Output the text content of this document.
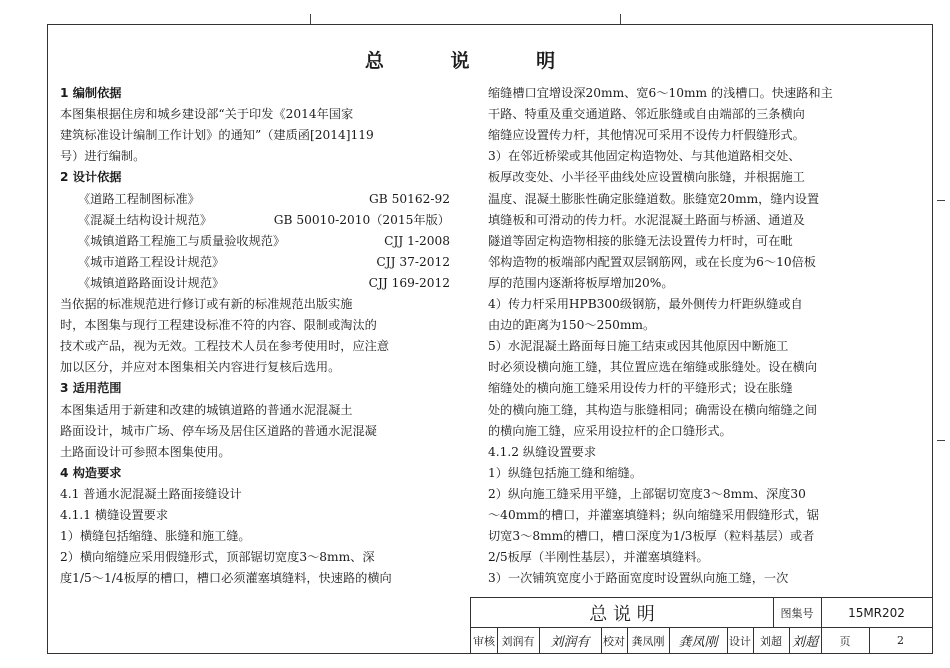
总 说 明
1 编制依据
本图集根据住房和城乡建设部“关于印发《2014年国家
建筑标准设计编制工作计划》的通知”（建质函[2014]119
号）进行编制。
2 设计依据
《道路工程制图标准》	GB 50162-92
《混凝土结构设计规范》	GB 50010-2010（2015年版）
《城镇道路工程施工与质量验收规范》	CJJ 1-2008
《城市道路工程设计规范》	CJJ 37-2012
《城镇道路路面设计规范》	CJJ 169-2012
当依据的标准规范进行修订或有新的标准规范出版实施
时，本图集与现行工程建设标准不符的内容、限制或淘汰的
技术或产品，视为无效。工程技术人员在参考使用时，应注意
加以区分，并应对本图集相关内容进行复核后选用。
3 适用范围
本图集适用于新建和改建的城镇道路的普通水泥混凝土
路面设计，城市广场、停车场及居住区道路的普通水泥混凝
土路面设计可参照本图集使用。
4 构造要求
4.1 普通水泥混凝土路面接缝设计
4.1.1 横缝设置要求
1）横缝包括缩缝、胀缝和施工缝。
2）横向缩缝应采用假缝形式，顶部锯切宽度3～8mm、深
度1/5～1/4板厚的槽口，槽口必须灌塞填缝料，快速路的横向
缩缝槽口宜增设深20mm、宽6～10mm 的浅槽口。快速路和主
干路、特重及重交通道路、邻近胀缝或自由端部的三条横向
缩缝应设置传力杆，其他情况可采用不设传力杆假缝形式。
3）在邻近桥梁或其他固定构造物处、与其他道路相交处、
板厚改变处、小半径平曲线处应设置横向胀缝，并根据施工
温度、混凝土膨胀性确定胀缝道数。胀缝宽20mm，缝内设置
填缝板和可滑动的传力杆。水泥混凝土路面与桥涵、通道及
隧道等固定构造物相接的胀缝无法设置传力杆时，可在毗
邻构造物的板端部内配置双层钢筋网，或在长度为6～10倍板
厚的范围内逐渐将板厚增加20%。
4）传力杆采用HPB300级钢筋，最外侧传力杆距纵缝或自
由边的距离为150～250mm。
5）水泥混凝土路面每日施工结束或因其他原因中断施工
时必须设横向施工缝，其位置应选在缩缝或胀缝处。设在横向
缩缝处的横向施工缝采用设传力杆的平缝形式；设在胀缝
处的横向施工缝，其构造与胀缝相同；确需设在横向缩缝之间
的横向施工缝，应采用设拉杆的企口缝形式。
4.1.2 纵缝设置要求
1）纵缝包括施工缝和缩缝。
2）纵向施工缝采用平缝，上部锯切宽度3～8mm、深度30
～40mm的槽口，并灌塞填缝料；纵向缩缝采用假缝形式，锯
切宽3～8mm的槽口，槽口深度为1/3板厚（粒料基层）或者
2/5板厚（半刚性基层），并灌塞填缝料。
3）一次铺筑宽度小于路面宽度时设置纵向施工缝，一次
总 说 明	图集号	15MR202
审核 刘润有	刘润有	校对 龚凤刚	龚凤刚	设计 刘超 刘超	页	2
